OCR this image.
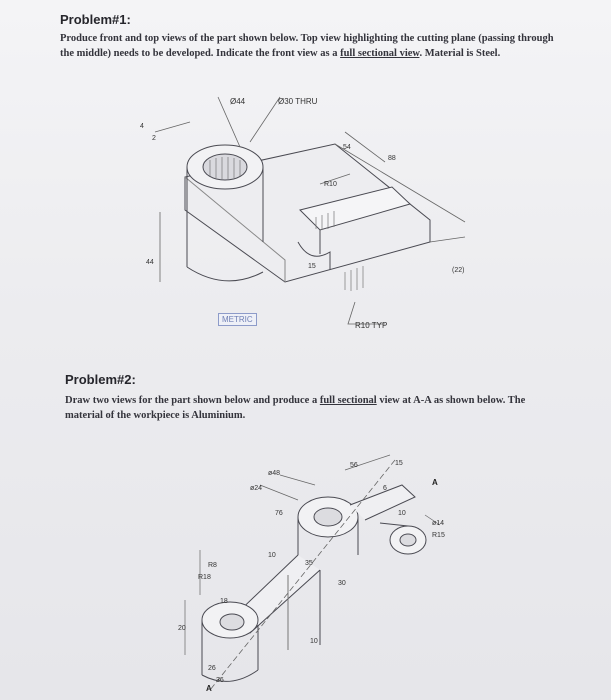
Problem#1:
Produce front and top views of the part shown below. Top view highlighting the cutting plane (passing through the middle) needs to be developed. Indicate the front view as a full sectional view. Material is Steel.
Ø44	Ø30 THRU
54
88
R10
44
15
(22)
4
2
R10 TYP
METRIC
Problem#2:
Draw two views for the part shown below and produce a full sectional view at A-A as shown below. The material of the workpiece is Aluminium.
ø48
ø24
56	15
6
A
10
ø14
R15
76
10
R8
R18
18
20
35
30
10
26
36
A
